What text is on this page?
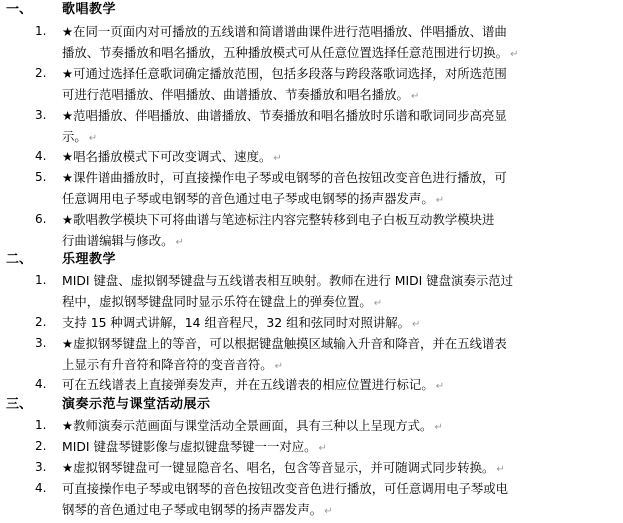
一、 歌唱教学
1. ★在同一页面内对可播放的五线谱和简谱谱曲课件进行范唱播放、伴唱播放、谱曲
播放、节奏播放和唱名播放，五种播放模式可从任意位置选择任意范围进行切换。 ↵
2. ★可通过选择任意歌词确定播放范围，包括多段落与跨段落歌词选择，对所选范围
可进行范唱播放、伴唱播放、曲谱播放、节奏播放和唱名播放。 ↵
3. ★范唱播放、伴唱播放、曲谱播放、节奏播放和唱名播放时乐谱和歌词同步高亮显
示。 ↵
4. ★唱名播放模式下可改变调式、速度。 ↵
5. ★课件谱曲播放时，可直接操作电子琴或电钢琴的音色按钮改变音色进行播放，可
任意调用电子琴或电钢琴的音色通过电子琴或电钢琴的扬声器发声。 ↵
6. ★歌唱教学模块下可将曲谱与笔迹标注内容完整转移到电子白板互动教学模块进
行曲谱编辑与修改。 ↵
二、 乐理教学
1. MIDI 键盘、虚拟钢琴键盘与五线谱表相互映射。教师在进行 MIDI 键盘演奏示范过
程中，虚拟钢琴键盘同时显示乐符在键盘上的弹奏位置。 ↵
2. 支持 15 种调式讲解，14 组音程尺，32 组和弦同时对照讲解。 ↵
3. ★虚拟钢琴键盘上的等音，可以根据键盘触摸区域输入升音和降音，并在五线谱表
上显示有升音符和降音符的变音音符。 ↵
4. 可在五线谱表上直接弹奏发声，并在五线谱表的相应位置进行标记。 ↵
三、 演奏示范与课堂活动展示
1. ★教师演奏示范画面与课堂活动全景画面，具有三种以上呈现方式。 ↵
2. MIDI 键盘琴键影像与虚拟键盘琴键一一对应。 ↵
3. ★虚拟钢琴键盘可一键显隐音名、唱名，包含等音显示，并可随调式同步转换。 ↵
4. 可直接操作电子琴或电钢琴的音色按钮改变音色进行播放，可任意调用电子琴或电
钢琴的音色通过电子琴或电钢琴的扬声器发声。 ↵
